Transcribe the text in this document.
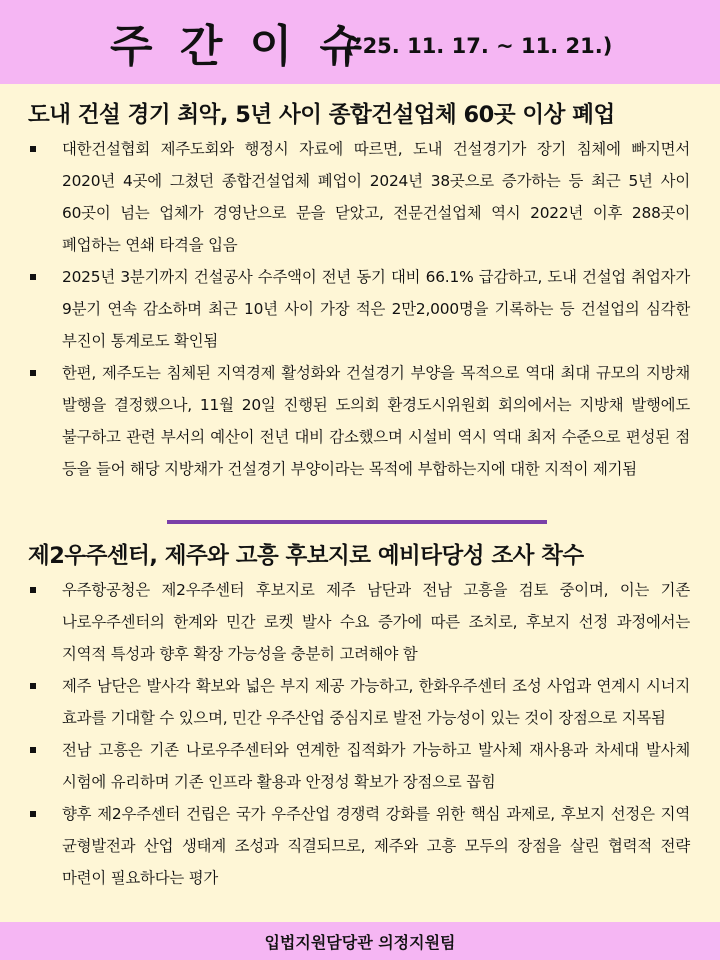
주 간 이 슈
(’25. 11. 17. ~ 11. 21.)
도내 건설 경기 최악, 5년 사이 종합건설업체 60곳 이상 폐업
대한건설협회 제주도회와 행정시 자료에 따르면, 도내 건설경기가 장기 침체에 빠지면서 2020년 4곳에 그쳤던 종합건설업체 폐업이 2024년 38곳으로 증가하는 등 최근 5년 사이 60곳이 넘는 업체가 경영난으로 문을 닫았고, 전문건설업체 역시 2022년 이후 288곳이 폐업하는 연쇄 타격을 입음
2025년 3분기까지 건설공사 수주액이 전년 동기 대비 66.1% 급감하고, 도내 건설업 취업자가 9분기 연속 감소하며 최근 10년 사이 가장 적은 2만2,000명을 기록하는 등 건설업의 심각한 부진이 통계로도 확인됨
한편, 제주도는 침체된 지역경제 활성화와 건설경기 부양을 목적으로 역대 최대 규모의 지방채 발행을 결정했으나, 11월 20일 진행된 도의회 환경도시위원회 회의에서는 지방채 발행에도 불구하고 관련 부서의 예산이 전년 대비 감소했으며 시설비 역시 역대 최저 수준으로 편성된 점 등을 들어 해당 지방채가 건설경기 부양이라는 목적에 부합하는지에 대한 지적이 제기됨
제2우주센터, 제주와 고흥 후보지로 예비타당성 조사 착수
우주항공청은 제2우주센터 후보지로 제주 남단과 전남 고흥을 검토 중이며, 이는 기존 나로우주센터의 한계와 민간 로켓 발사 수요 증가에 따른 조치로, 후보지 선정 과정에서는 지역적 특성과 향후 확장 가능성을 충분히 고려해야 함
제주 남단은 발사각 확보와 넓은 부지 제공 가능하고, 한화우주센터 조성 사업과 연계시 시너지 효과를 기대할 수 있으며, 민간 우주산업 중심지로 발전 가능성이 있는 것이 장점으로 지목됨
전남 고흥은 기존 나로우주센터와 연계한 집적화가 가능하고 발사체 재사용과 차세대 발사체 시험에 유리하며 기존 인프라 활용과 안정성 확보가 장점으로 꼽힘
향후 제2우주센터 건립은 국가 우주산업 경쟁력 강화를 위한 핵심 과제로, 후보지 선정은 지역 균형발전과 산업 생태계 조성과 직결되므로, 제주와 고흥 모두의 장점을 살린 협력적 전략 마련이 필요하다는 평가
입법지원담당관 의정지원팀
